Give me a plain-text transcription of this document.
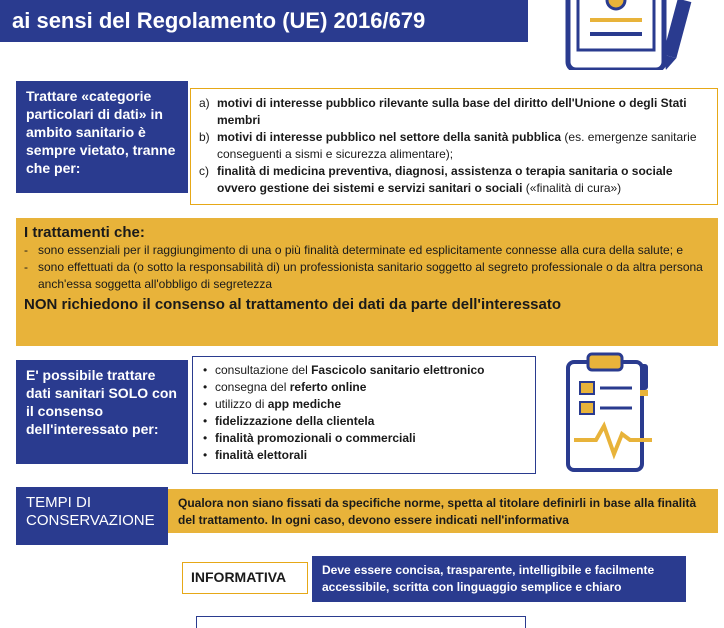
ai sensi del Regolamento (UE) 2016/679
Trattare «categorie particolari di dati» in ambito sanitario è sempre vietato, tranne che per:
a) motivi di interesse pubblico rilevante sulla base del diritto dell'Unione o degli Stati membri
b) motivi di interesse pubblico nel settore della sanità pubblica (es. emergenze sanitarie conseguenti a sismi e sicurezza alimentare);
c) finalità di medicina preventiva, diagnosi, assistenza o terapia sanitaria o sociale ovvero gestione dei sistemi e servizi sanitari o sociali («finalità di cura»)
I trattamenti che:
- sono essenziali per il raggiungimento di una o più finalità determinate ed esplicitamente connesse alla cura della salute; e
- sono effettuati da (o sotto la responsabilità di) un professionista sanitario soggetto al segreto professionale o da altra persona anch'essa soggetta all'obbligo di segretezza
NON richiedono il consenso al trattamento dei dati da parte dell'interessato
E' possibile trattare dati sanitari SOLO con il consenso dell'interessato per:
• consultazione del Fascicolo sanitario elettronico
• consegna del referto online
• utilizzo di app mediche
• fidelizzazione della clientela
• finalità promozionali o commerciali
• finalità elettorali
TEMPI DI CONSERVAZIONE
Qualora non siano fissati da specifiche norme, spetta al titolare definirli in base alla finalità del trattamento. In ogni caso, devono essere indicati nell'informativa
INFORMATIVA	Deve essere concisa, trasparente, intelligibile e facilmente accessibile, scritta con linguaggio semplice e chiaro
